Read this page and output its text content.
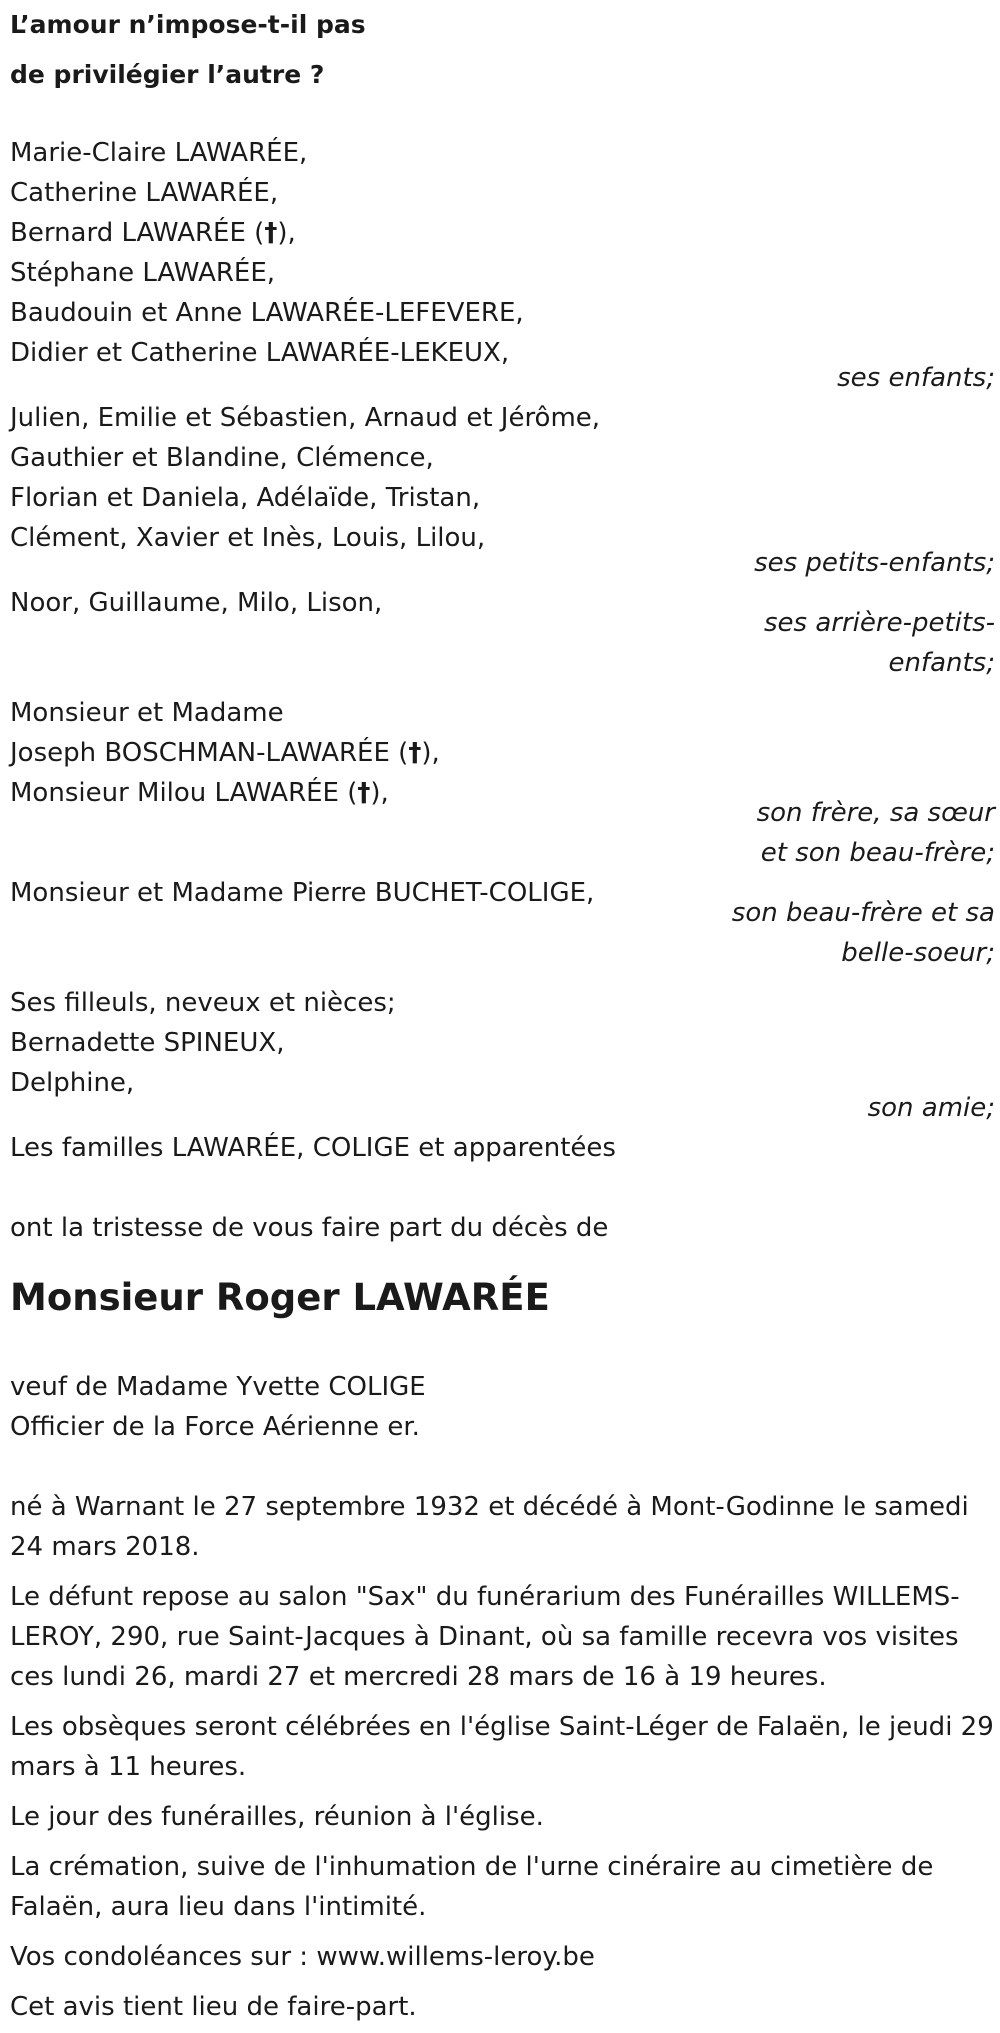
L’amour n’impose-t-il pas
de privilégier l’autre ?
Marie-Claire LAWARÉE,
Catherine LAWARÉE,
Bernard LAWARÉE (†),
Stéphane LAWARÉE,
Baudouin et Anne LAWARÉE-LEFEVERE,
Didier et Catherine LAWARÉE-LEKEUX,
ses enfants;
Julien, Emilie et Sébastien, Arnaud et Jérôme,
Gauthier et Blandine, Clémence,
Florian et Daniela, Adélaïde, Tristan,
Clément, Xavier et Inès, Louis, Lilou,
ses petits-enfants;
Noor, Guillaume, Milo, Lison,
ses arrière-petits-
enfants;
Monsieur et Madame
Joseph BOSCHMAN-LAWARÉE (†),
Monsieur Milou LAWARÉE (†),
son frère, sa sœur
et son beau-frère;
Monsieur et Madame Pierre BUCHET-COLIGE,
son beau-frère et sa
belle-soeur;
Ses filleuls, neveux et nièces;
Bernadette SPINEUX,
Delphine,
son amie;
Les familles LAWARÉE, COLIGE et apparentées
ont la tristesse de vous faire part du décès de
Monsieur Roger LAWARÉE
veuf de Madame Yvette COLIGE
Officier de la Force Aérienne er.
né à Warnant le 27 septembre 1932 et décédé à Mont-Godinne le samedi 24 mars 2018.
Le défunt repose au salon "Sax" du funérarium des Funérailles WILLEMS-LEROY, 290, rue Saint-Jacques à Dinant, où sa famille recevra vos visites ces lundi 26, mardi 27 et mercredi 28 mars de 16 à 19 heures.
Les obsèques seront célébrées en l'église Saint-Léger de Falaën, le jeudi 29 mars à 11 heures.
Le jour des funérailles, réunion à l'église.
La crémation, suive de l'inhumation de l'urne cinéraire au cimetière de Falaën, aura lieu dans l'intimité.
Vos condoléances sur : www.willems-leroy.be
Cet avis tient lieu de faire-part.
